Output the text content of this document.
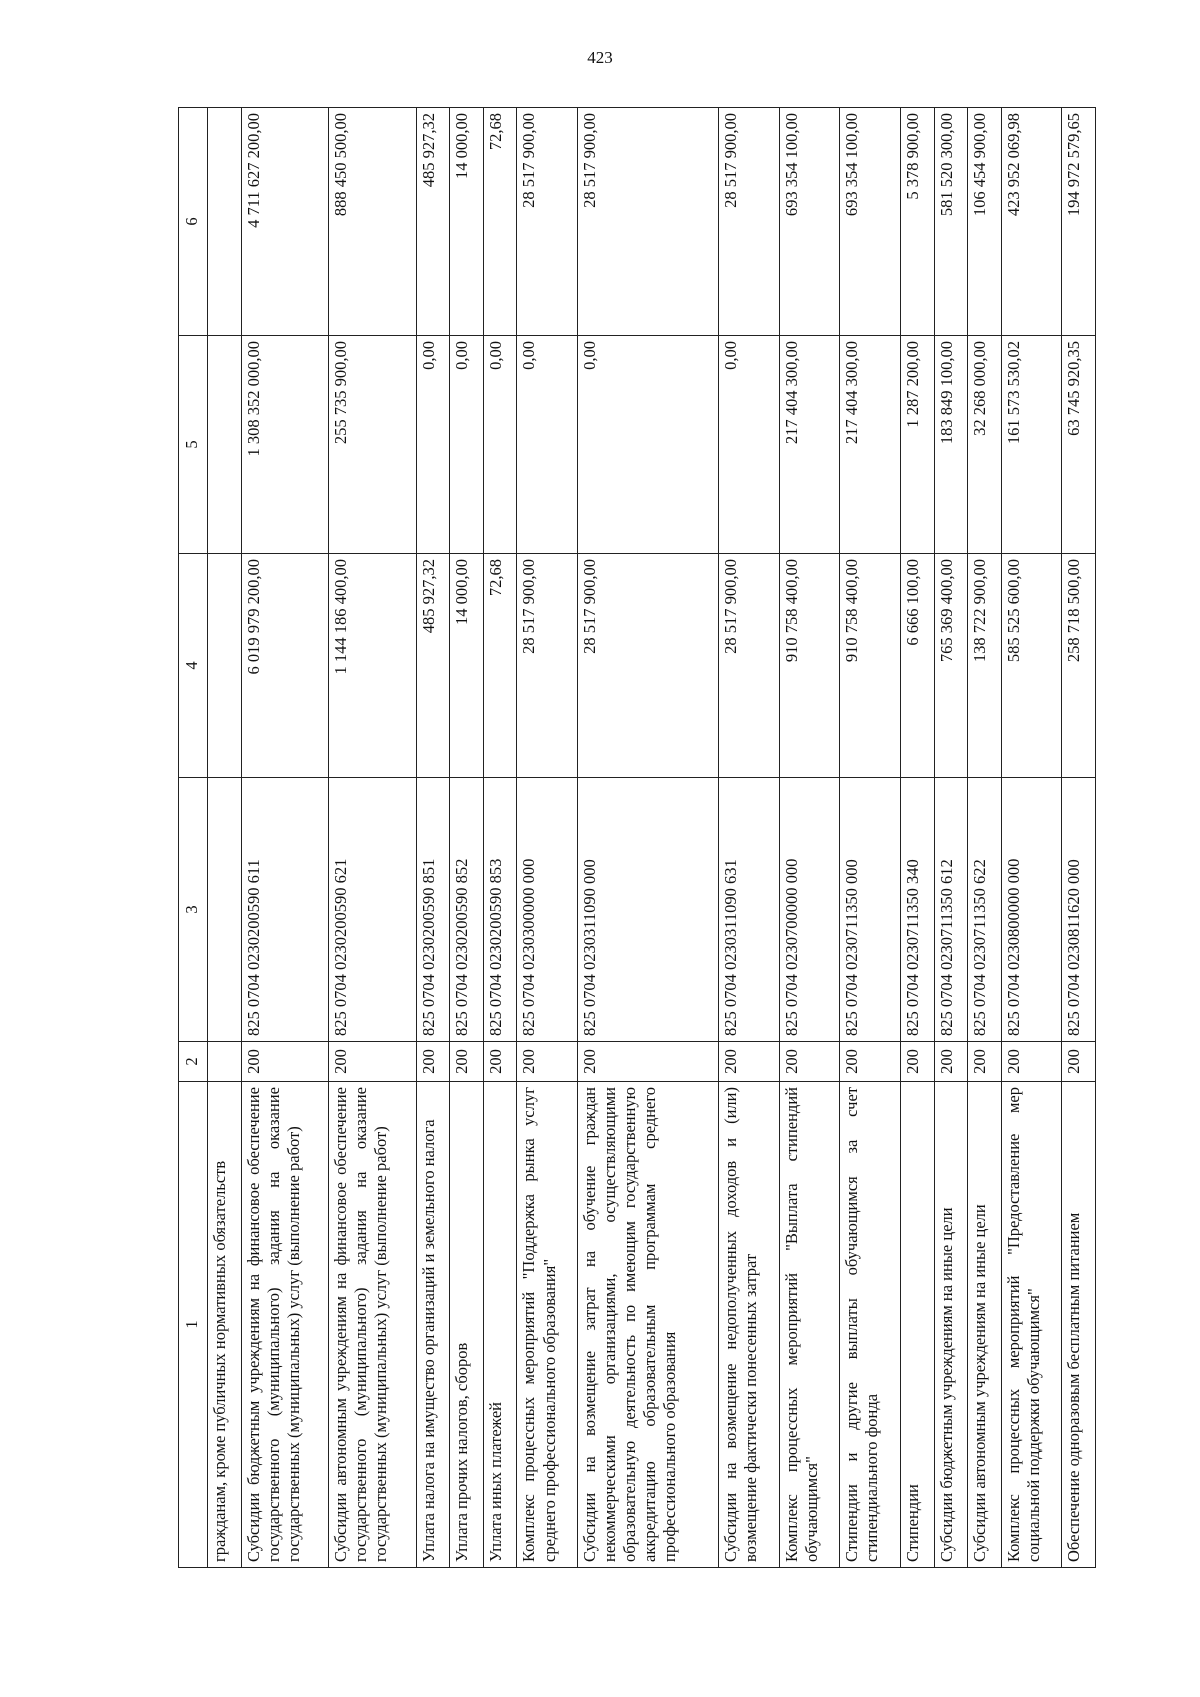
423
1	2	3	4	5	6
гражданам, кроме публичных нормативных обязательств					
Субсидии бюджетным учреждениям на финансовое обеспечение государственного (муниципального) задания на оказание государственных (муниципальных) услуг (выполнение работ)	200	825 0704 0230200590 611	6 019 979 200,00	1 308 352 000,00	4 711 627 200,00
Субсидии автономным учреждениям на финансовое обеспечение государственного (муниципального) задания на оказание государственных (муниципальных) услуг (выполнение работ)	200	825 0704 0230200590 621	1 144 186 400,00	255 735 900,00	888 450 500,00
Уплата налога на имущество организаций и земельного налога	200	825 0704 0230200590 851	485 927,32	0,00	485 927,32
Уплата прочих налогов, сборов	200	825 0704 0230200590 852	14 000,00	0,00	14 000,00
Уплата иных платежей	200	825 0704 0230200590 853	72,68	0,00	72,68
Комплекс процессных мероприятий "Поддержка рынка услуг среднего профессионального образования"	200	825 0704 0230300000 000	28 517 900,00	0,00	28 517 900,00
Субсидии на возмещение затрат на обучение граждан некоммерческими организациями, осуществляющими образовательную деятельность по имеющим государственную аккредитацию образовательным программам среднего профессионального образования	200	825 0704 0230311090 000	28 517 900,00	0,00	28 517 900,00
Субсидии на возмещение недополученных доходов и (или) возмещение фактически понесенных затрат	200	825 0704 0230311090 631	28 517 900,00	0,00	28 517 900,00
Комплекс процессных мероприятий "Выплата стипендий обучающимся"	200	825 0704 0230700000 000	910 758 400,00	217 404 300,00	693 354 100,00
Стипендии и другие выплаты обучающимся за счет стипендиального фонда	200	825 0704 0230711350 000	910 758 400,00	217 404 300,00	693 354 100,00
Стипендии	200	825 0704 0230711350 340	6 666 100,00	1 287 200,00	5 378 900,00
Субсидии бюджетным учреждениям на иные цели	200	825 0704 0230711350 612	765 369 400,00	183 849 100,00	581 520 300,00
Субсидии автономным учреждениям на иные цели	200	825 0704 0230711350 622	138 722 900,00	32 268 000,00	106 454 900,00
Комплекс процессных мероприятий "Предоставление мер социальной поддержки обучающимся"	200	825 0704 0230800000 000	585 525 600,00	161 573 530,02	423 952 069,98
Обеспечение одноразовым бесплатным питанием	200	825 0704 0230811620 000	258 718 500,00	63 745 920,35	194 972 579,65
